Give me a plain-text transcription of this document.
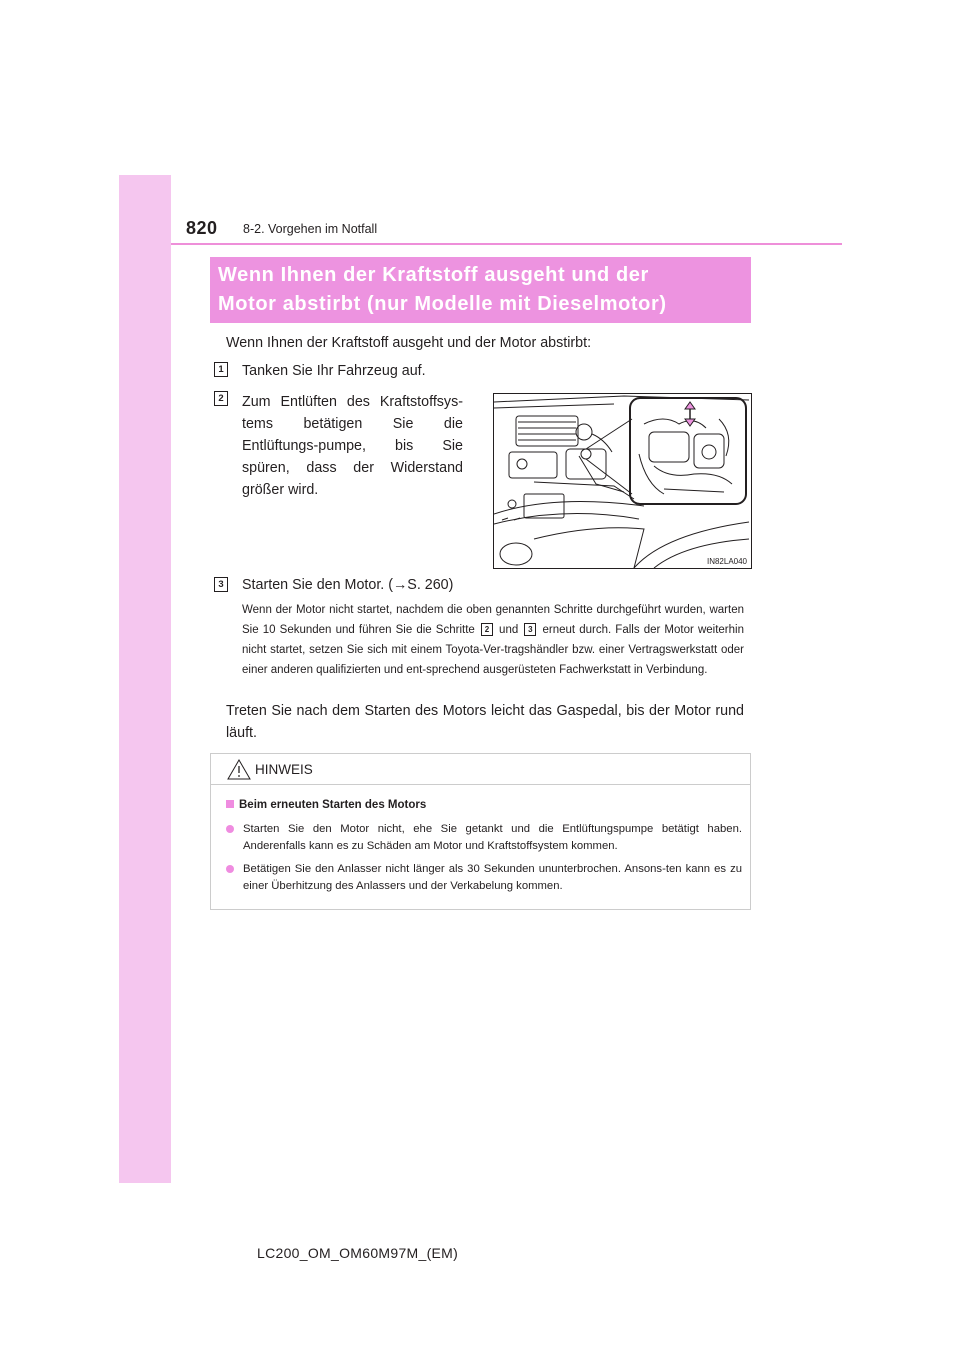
820 8-2. Vorgehen im Notfall
Wenn Ihnen der Kraftstoff ausgeht und der
Motor abstirbt (nur Modelle mit Dieselmotor)
Wenn Ihnen der Kraftstoff ausgeht und der Motor abstirbt:
1	Tanken Sie Ihr Fahrzeug auf.
2	Zum Entlüften des Kraftstoffsys-tems betätigen Sie die Entlüftungs-pumpe, bis Sie spüren, dass der Widerstand größer wird.
IN82LA040
3	Starten Sie den Motor. (→S. 260)
Wenn der Motor nicht startet, nachdem die oben genannten Schritte durchgeführt wurden, warten Sie 10 Sekunden und führen Sie die Schritte 2 und 3 erneut durch. Falls der Motor weiterhin nicht startet, setzen Sie sich mit einem Toyota-Ver-tragshändler bzw. einer Vertragswerkstatt oder einer anderen qualifizierten und ent-sprechend ausgerüsteten Fachwerkstatt in Verbindung.
Treten Sie nach dem Starten des Motors leicht das Gaspedal, bis der Motor rund läuft.
HINWEIS
Beim erneuten Starten des Motors
Starten Sie den Motor nicht, ehe Sie getankt und die Entlüftungspumpe betätigt haben. Anderenfalls kann es zu Schäden am Motor und Kraftstoffsystem kommen.
Betätigen Sie den Anlasser nicht länger als 30 Sekunden ununterbrochen. Ansons-ten kann es zu einer Überhitzung des Anlassers und der Verkabelung kommen.
LC200_OM_OM60M97M_(EM)
